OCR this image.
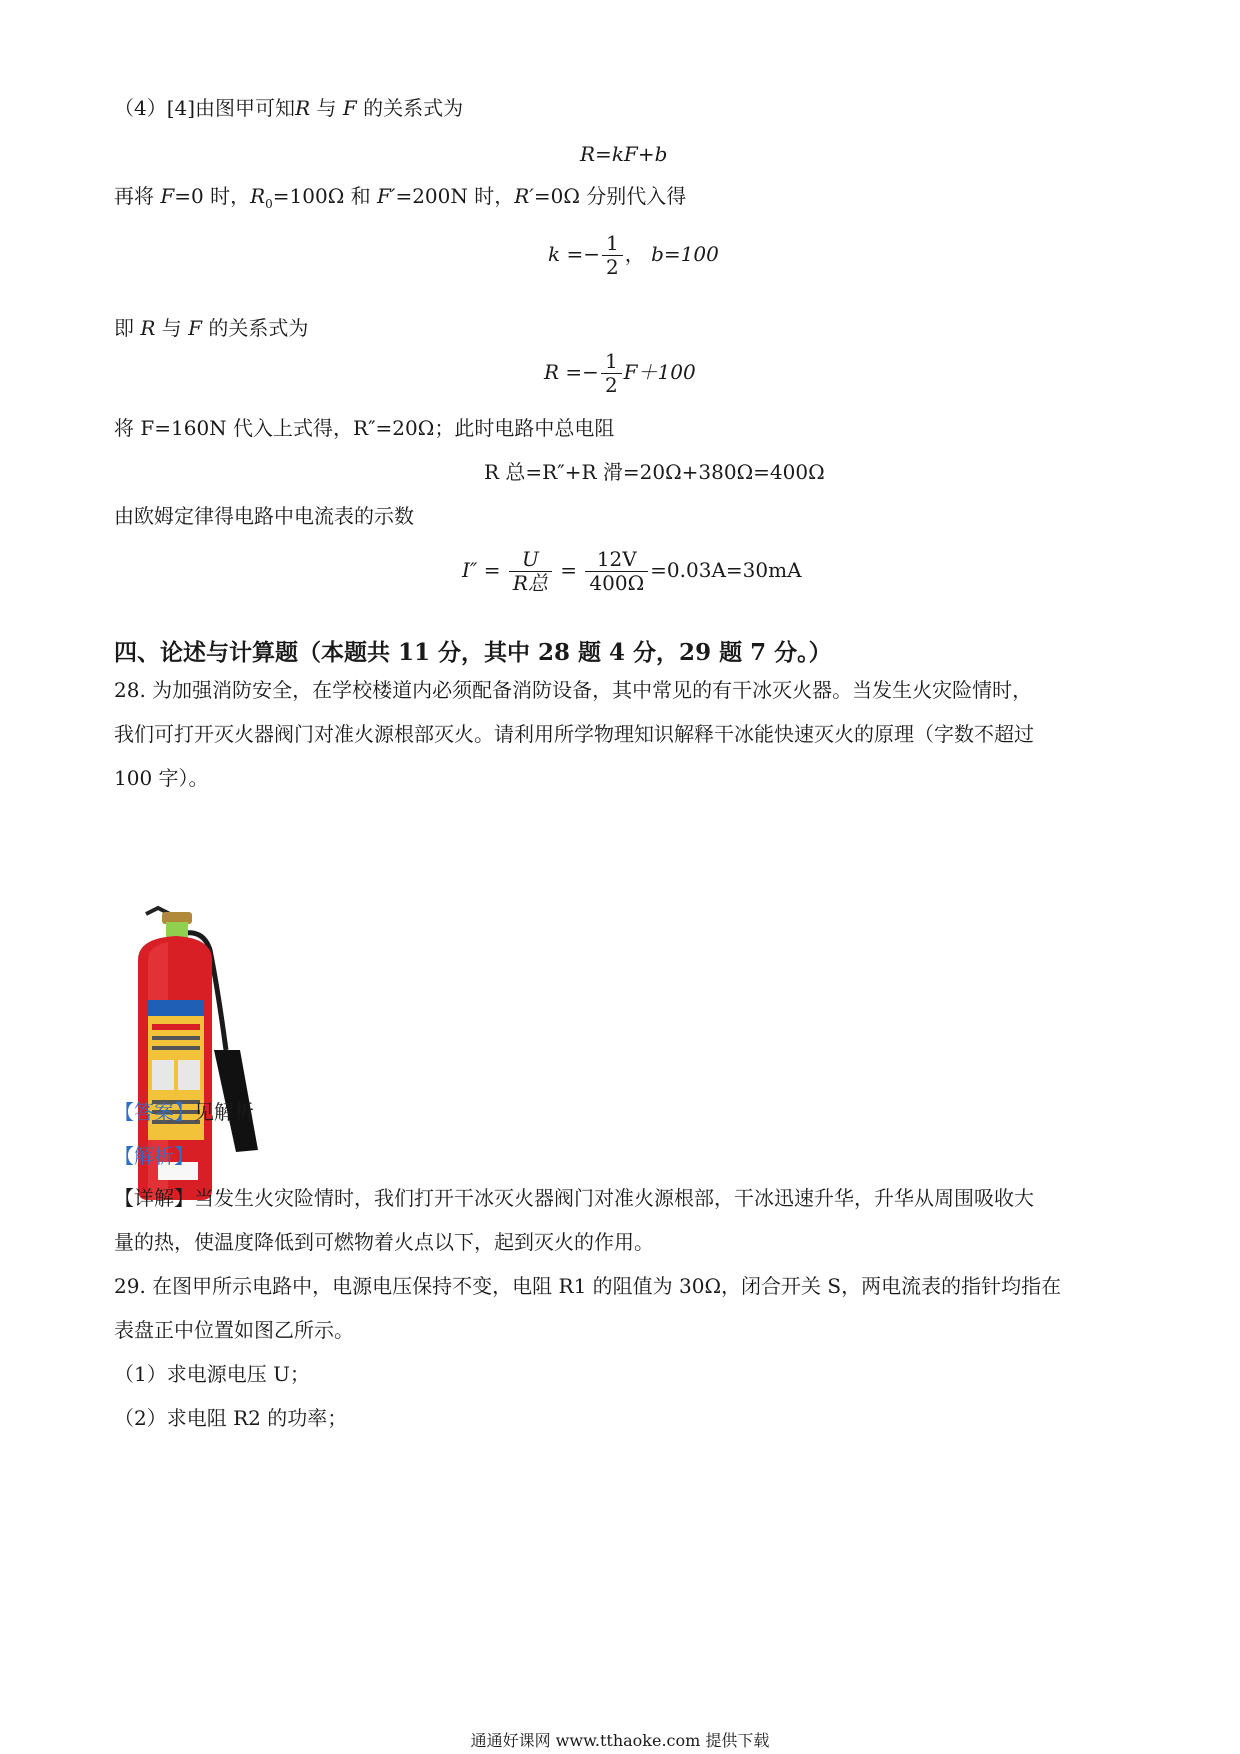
（4）[4]由图甲可知R 与 F 的关系式为
R=kF+b
再将 F=0 时，$R_0=100\Omega$ 和 F′=200N 时，R′=0Ω 分别代入得
$k =- \frac{1}{2}$ ， b=100
即 R 与 F 的关系式为
$R =- \frac{1}{2} F+100$
将 F=160N 代入上式得，R″=20Ω；此时电路中总电阻
R 总=R″+R 滑=20Ω+380Ω=400Ω
由欧姆定律得电路中电流表的示数
$I'' = \frac{U}{\text{R总}} = \frac{12V}{400\Omega} =0.03A=30mA$
四、论述与计算题（本题共 11 分，其中 28 题 4 分，29 题 7 分。）
28. 为加强消防安全，在学校楼道内必须配备消防设备，其中常见的有干冰灭火器。当发生火灾险情时，
我们可打开灭火器阀门对准火源根部灭火。请利用所学物理知识解释干冰能快速灭火的原理（字数不超过
100 字）。
【答案】见解析
【解析】
【详解】当发生火灾险情时，我们打开干冰灭火器阀门对准火源根部，干冰迅速升华，升华从周围吸收大
量的热，使温度降低到可燃物着火点以下，起到灭火的作用。
29. 在图甲所示电路中，电源电压保持不变，电阻 R1 的阻值为 30Ω，闭合开关 S，两电流表的指针均指在
表盘正中位置如图乙所示。
（1）求电源电压 U；
（2）求电阻 R2 的功率；
通通好课网 www.tthaoke.com 提供下载
